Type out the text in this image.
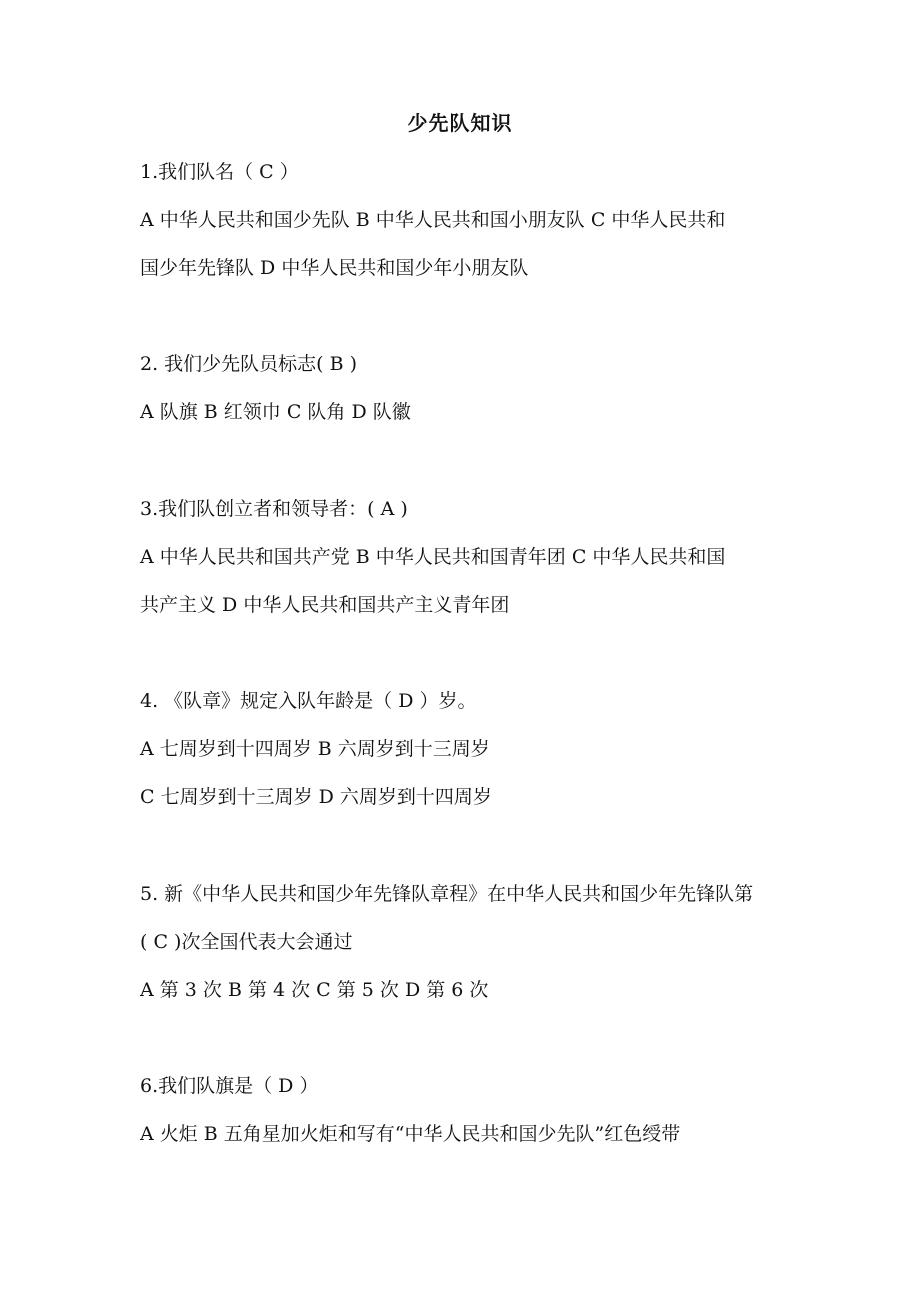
少先队知识
1.我们队名（ C ）
A 中华人民共和国少先队 B 中华人民共和国小朋友队 C 中华人民共和
国少年先锋队 D 中华人民共和国少年小朋友队
2. 我们少先队员标志( B )
A 队旗 B 红领巾 C 队角 D 队徽
3.我们队创立者和领导者：( A )
A 中华人民共和国共产党 B 中华人民共和国青年团 C 中华人民共和国
共产主义 D 中华人民共和国共产主义青年团
4. 《队章》规定入队年龄是（ D ）岁。
A 七周岁到十四周岁 B 六周岁到十三周岁
C 七周岁到十三周岁 D 六周岁到十四周岁
5. 新《中华人民共和国少年先锋队章程》在中华人民共和国少年先锋队第
( C )次全国代表大会通过
A 第 3 次 B 第 4 次 C 第 5 次 D 第 6 次
6.我们队旗是（ D ）
A 火炬 B 五角星加火炬和写有“中华人民共和国少先队”红色绶带
